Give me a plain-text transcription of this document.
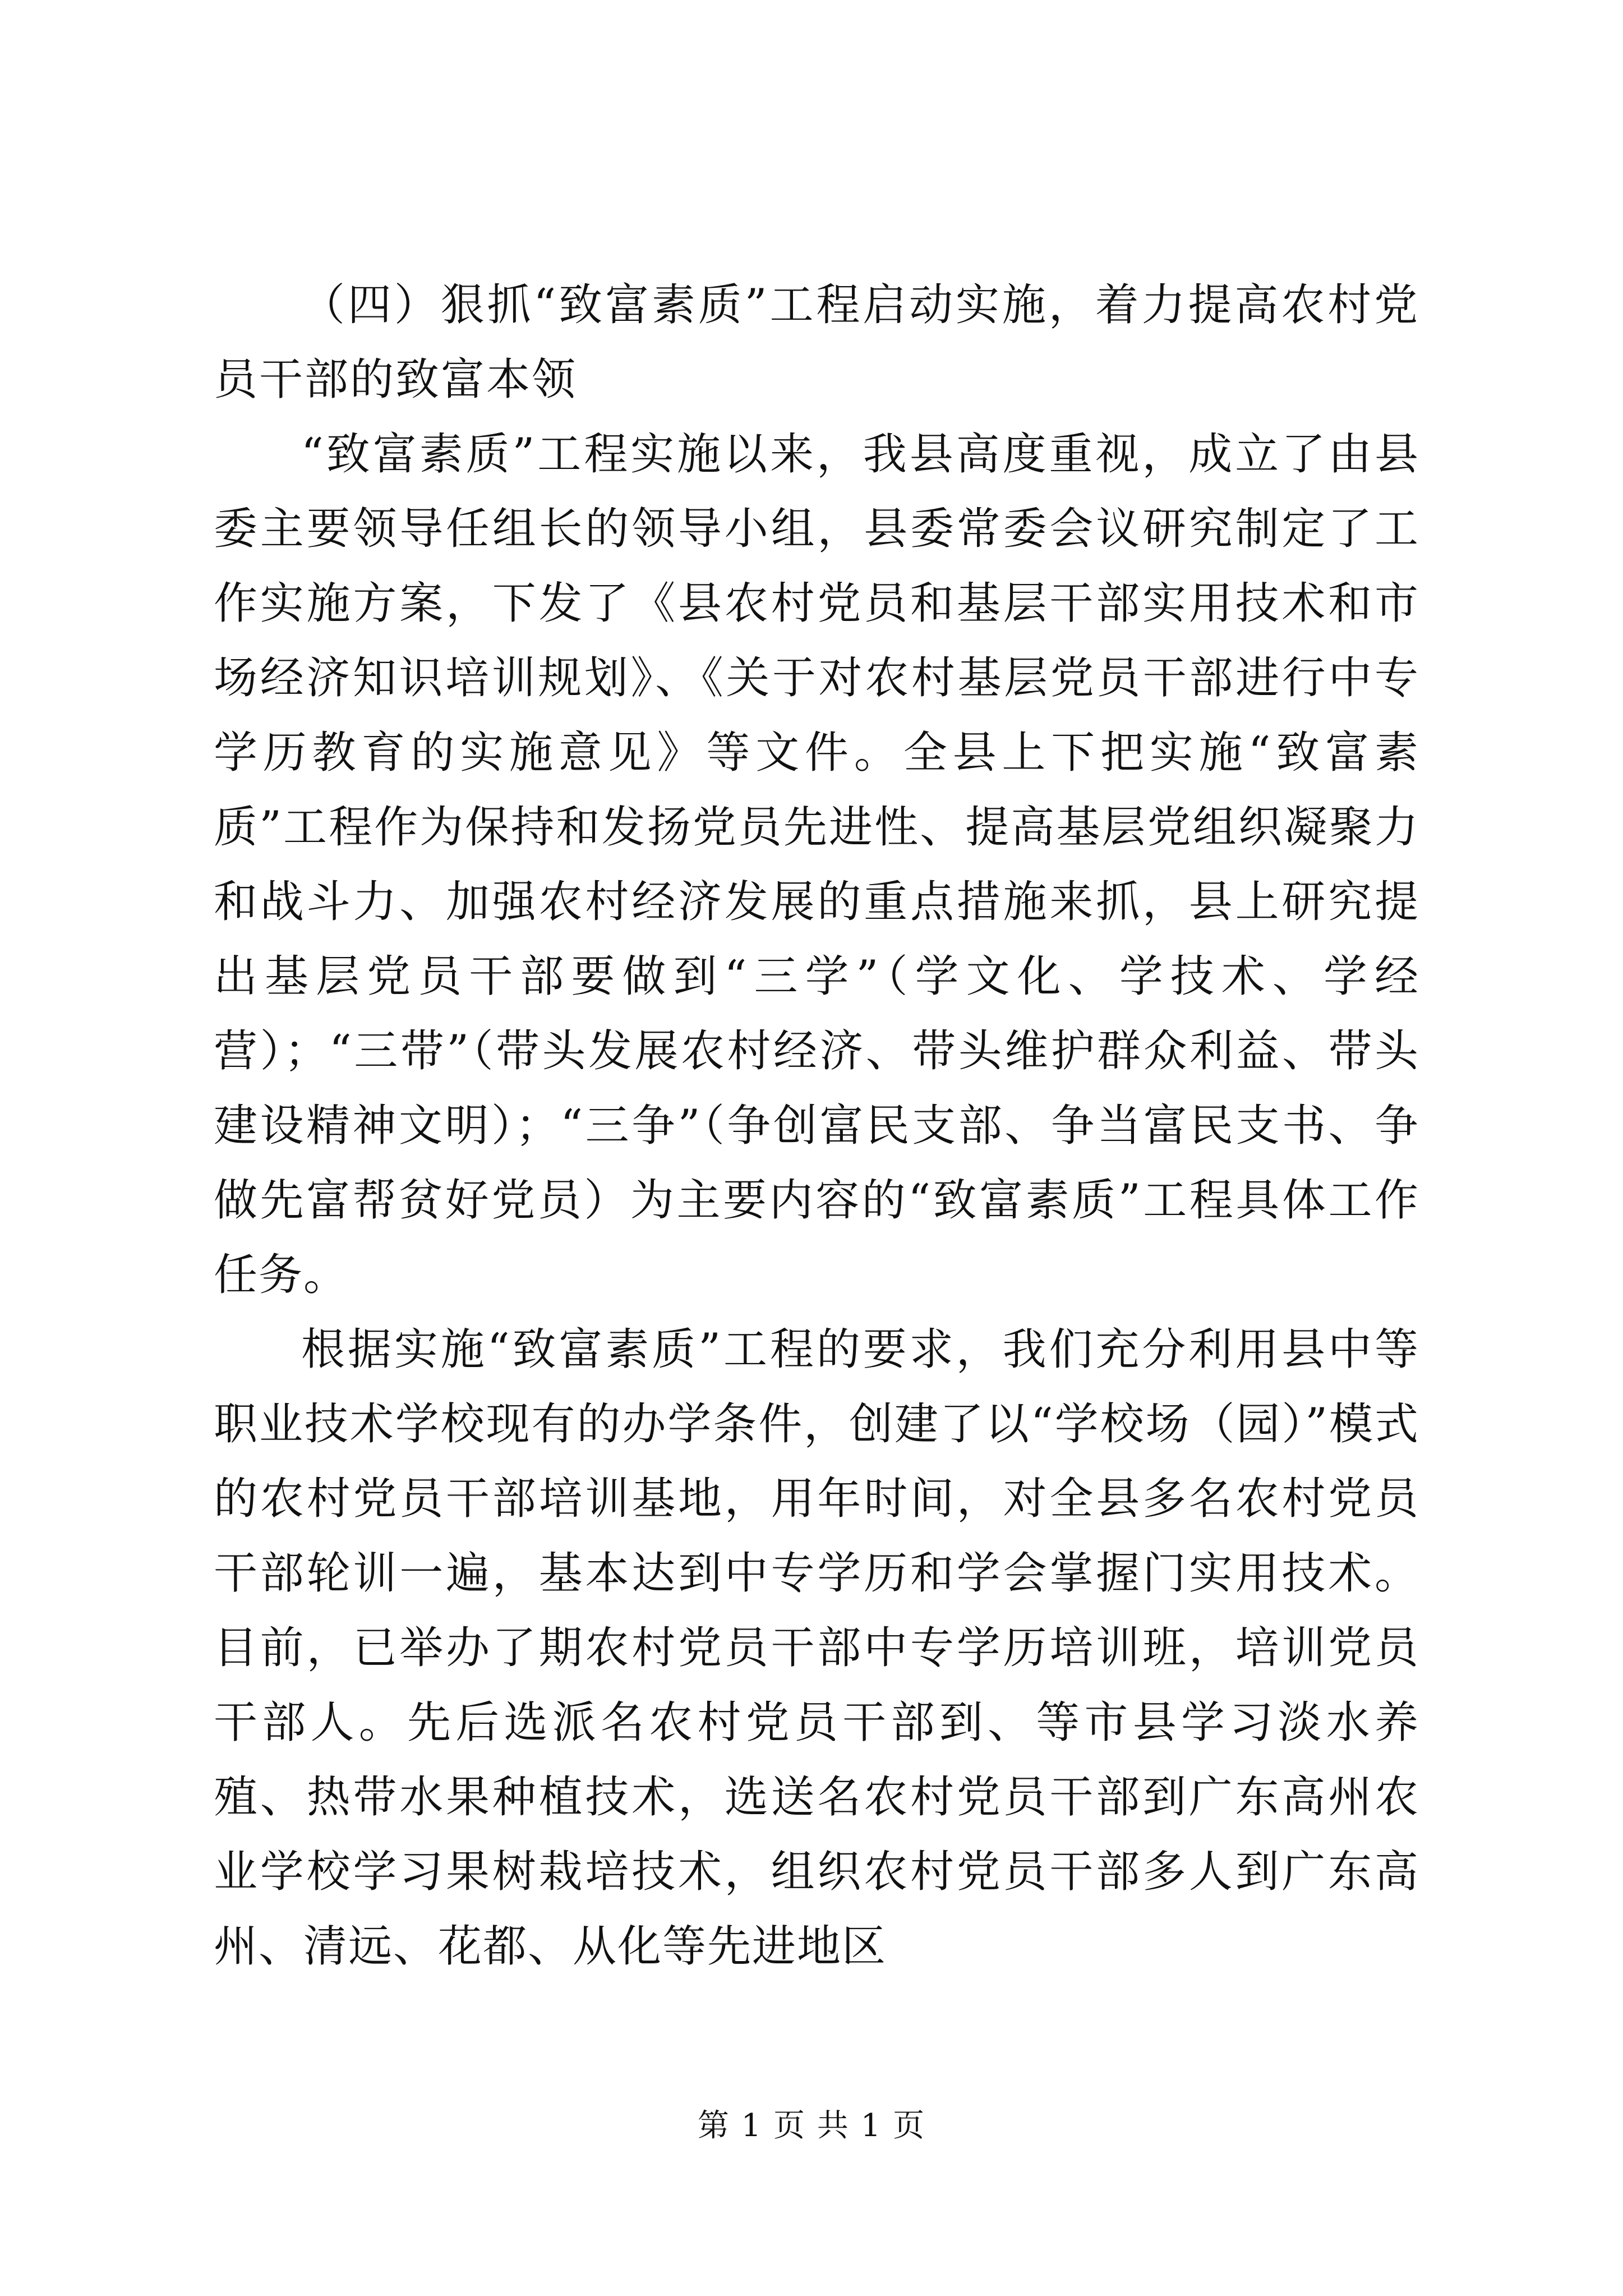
（四）狠抓“致富素质”工程启动实施，着力提高农村党员干部的致富本领

“致富素质”工程实施以来，我县高度重视，成立了由县委主要领导任组长的领导小组，县委常委会议研究制定了工作实施方案，下发了《县农村党员和基层干部实用技术和市场经济知识培训规划》、《关于对农村基层党员干部进行中专学历教育的实施意见》等文件。全县上下把实施“致富素质”工程作为保持和发扬党员先进性、提高基层党组织凝聚力和战斗力、加强农村经济发展的重点措施来抓，县上研究提出基层党员干部要做到“三学”（学文化、学技术、学经营）；“三带”（带头发展农村经济、带头维护群众利益、带头建设精神文明）；“三争”（争创富民支部、争当富民支书、争做先富帮贫好党员）为主要内容的“致富素质”工程具体工作任务。

根据实施“致富素质”工程的要求，我们充分利用县中等职业技术学校现有的办学条件，创建了以“学校场（园）”模式的农村党员干部培训基地，用年时间，对全县多名农村党员干部轮训一遍，基本达到中专学历和学会掌握门实用技术。目前，已举办了期农村党员干部中专学历培训班，培训党员干部人。先后选派名农村党员干部到、等市县学习淡水养殖、热带水果种植技术，选送名农村党员干部到广东高州农业学校学习果树栽培技术，组织农村党员干部多人到广东高州、清远、花都、从化等先进地区

第 1 页 共 1 页
